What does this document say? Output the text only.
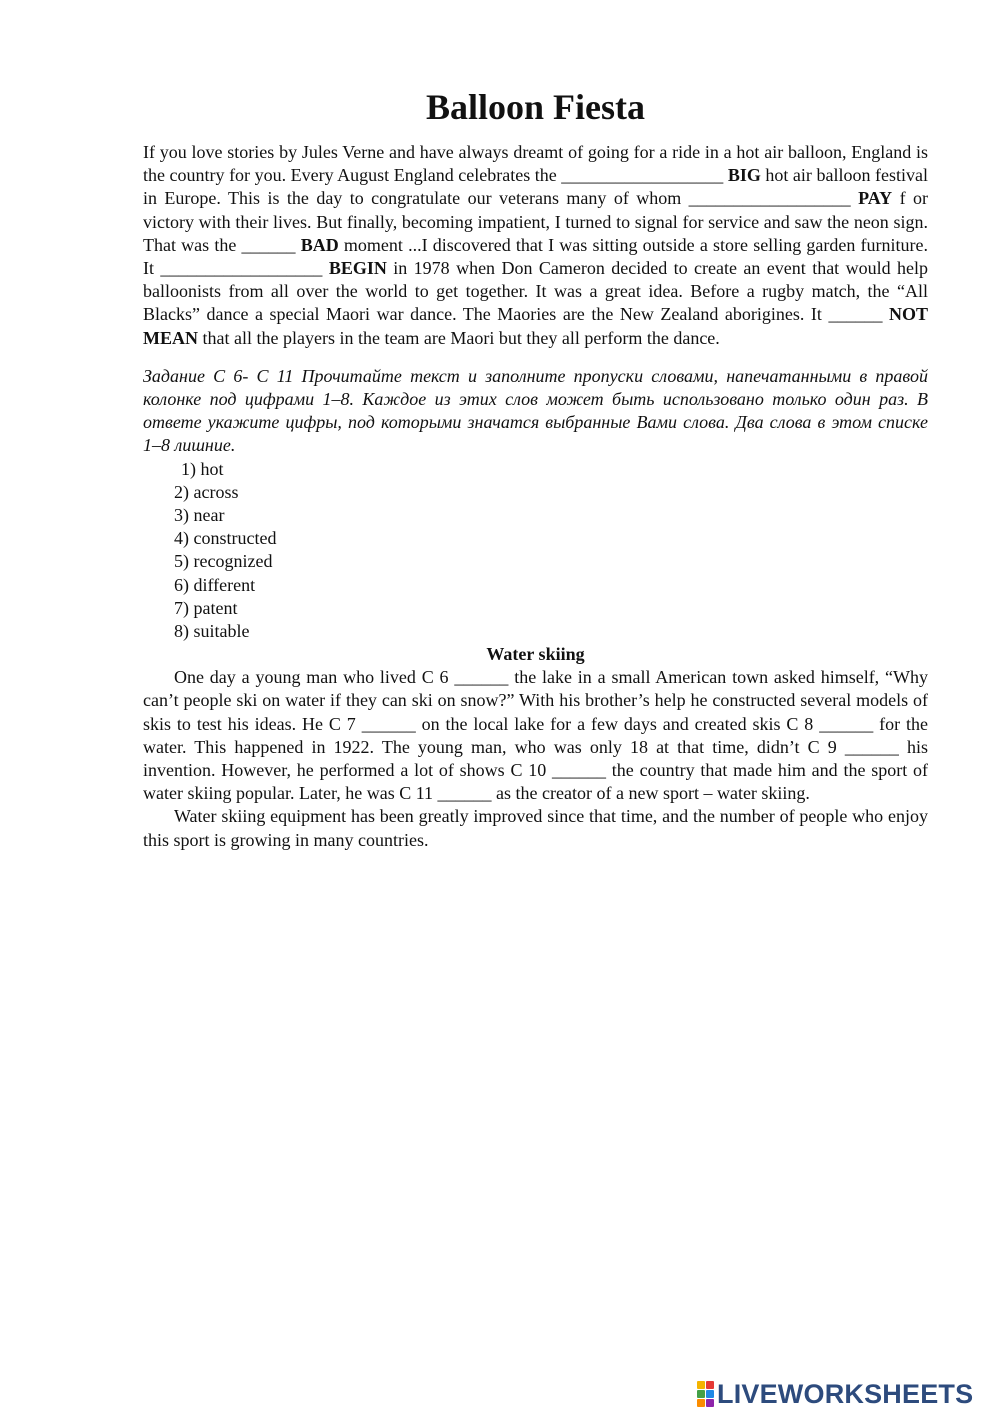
Balloon Fiesta

If you love stories by Jules Verne and have always dreamt of going for a ride in a hot air balloon, England is the country for you. Every August England celebrates the __________________ BIG hot air balloon festival in Europe. This is the day to congratulate our veterans many of whom __________________ PAY f or victory with their lives. But finally, becoming impatient, I turned to signal for service and saw the neon sign. That was the ______ BAD moment ...I discovered that I was sitting outside a store selling garden furniture. It __________________ BEGIN in 1978 when Don Cameron decided to create an event that would help balloonists from all over the world to get together. It was a great idea. Before a rugby match, the “All Blacks” dance a special Maori war dance. The Maories are the New Zealand aborigines. It ______ NOT MEAN that all the players in the team are Maori but they all perform the dance.

Задание С 6- С 11 Прочитайте текст и заполните пропуски словами, напечатанными в правой колонке под цифрами 1–8. Каждое из этих слов может быть использовано только один раз. В ответе укажите цифры, под которыми значатся выбранные Вами слова. Два слова в этом списке 1–8 лишние.

1) hot
2) across
3) near
4) constructed
5) recognized
6) different
7) patent
8) suitable
Water skiing

One day a young man who lived C 6 ______ the lake in a small American town asked himself, “Why can’t people ski on water if they can ski on snow?” With his brother’s help he constructed several models of skis to test his ideas. He C 7 ______ on the local lake for a few days and created skis C 8 ______ for the water. This happened in 1922. The young man, who was only 18 at that time, didn’t C 9 ______ his invention. However, he performed a lot of shows C 10 ______ the country that made him and the sport of water skiing popular. Later, he was C 11 ______ as the creator of a new sport – water skiing.

Water skiing equipment has been greatly improved since that time, and the number of people who enjoy this sport is growing in many countries.

LIVEWORKSHEETS
